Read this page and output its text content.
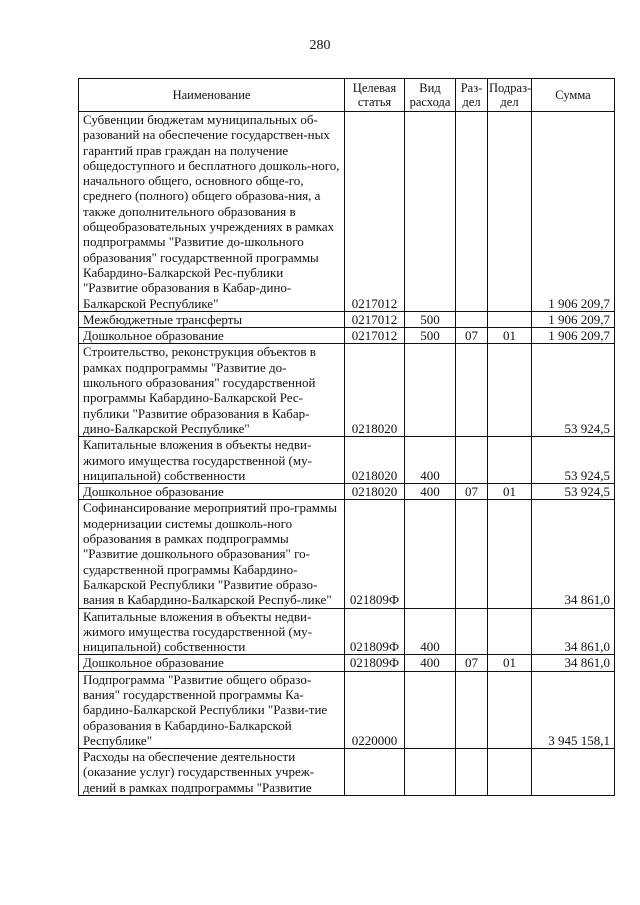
280
Наименование	Целевая статья	Вид расхода	Раз-дел	Подраз-дел	Сумма
Субвенции бюджетам муниципальных об-разований на обеспечение государствен-ных гарантий прав граждан на получение общедоступного и бесплатного дошколь-ного, начального общего, основного обще-го, среднего (полного) общего образова-ния, а также дополнительного образования в общеобразовательных учреждениях в рамках подпрограммы "Развитие до-школьного образования" государственной программы Кабардино-Балкарской Рес-публики "Развитие образования в Кабар-дино-Балкарской Республике"	0217012				1 906 209,7
Межбюджетные трансферты	0217012	500			1 906 209,7
Дошкольное образование	0217012	500	07	01	1 906 209,7
Строительство, реконструкция объектов в рамках подпрограммы "Развитие до-школьного образования" государственной программы Кабардино-Балкарской Рес-публики "Развитие образования в Кабар-дино-Балкарской Республике"	0218020				53 924,5
Капитальные вложения в объекты недви-жимого имущества государственной (му-ниципальной) собственности	0218020	400			53 924,5
Дошкольное образование	0218020	400	07	01	53 924,5
Софинансирование мероприятий про-граммы модернизации системы дошколь-ного образования в рамках подпрограммы "Развитие дошкольного образования" го-сударственной программы Кабардино-Балкарской Республики "Развитие образо-вания в Кабардино-Балкарской Респуб-лике"	021809Ф				34 861,0
Капитальные вложения в объекты недви-жимого имущества государственной (му-ниципальной) собственности	021809Ф	400			34 861,0
Дошкольное образование	021809Ф	400	07	01	34 861,0
Подпрограмма "Развитие общего образо-вания" государственной программы Ка-бардино-Балкарской Республики "Разви-тие образования в Кабардино-Балкарской Республике"	0220000				3 945 158,1
Расходы на обеспечение деятельности (оказание услуг) государственных учреж-дений в рамках подпрограммы "Развитие					
